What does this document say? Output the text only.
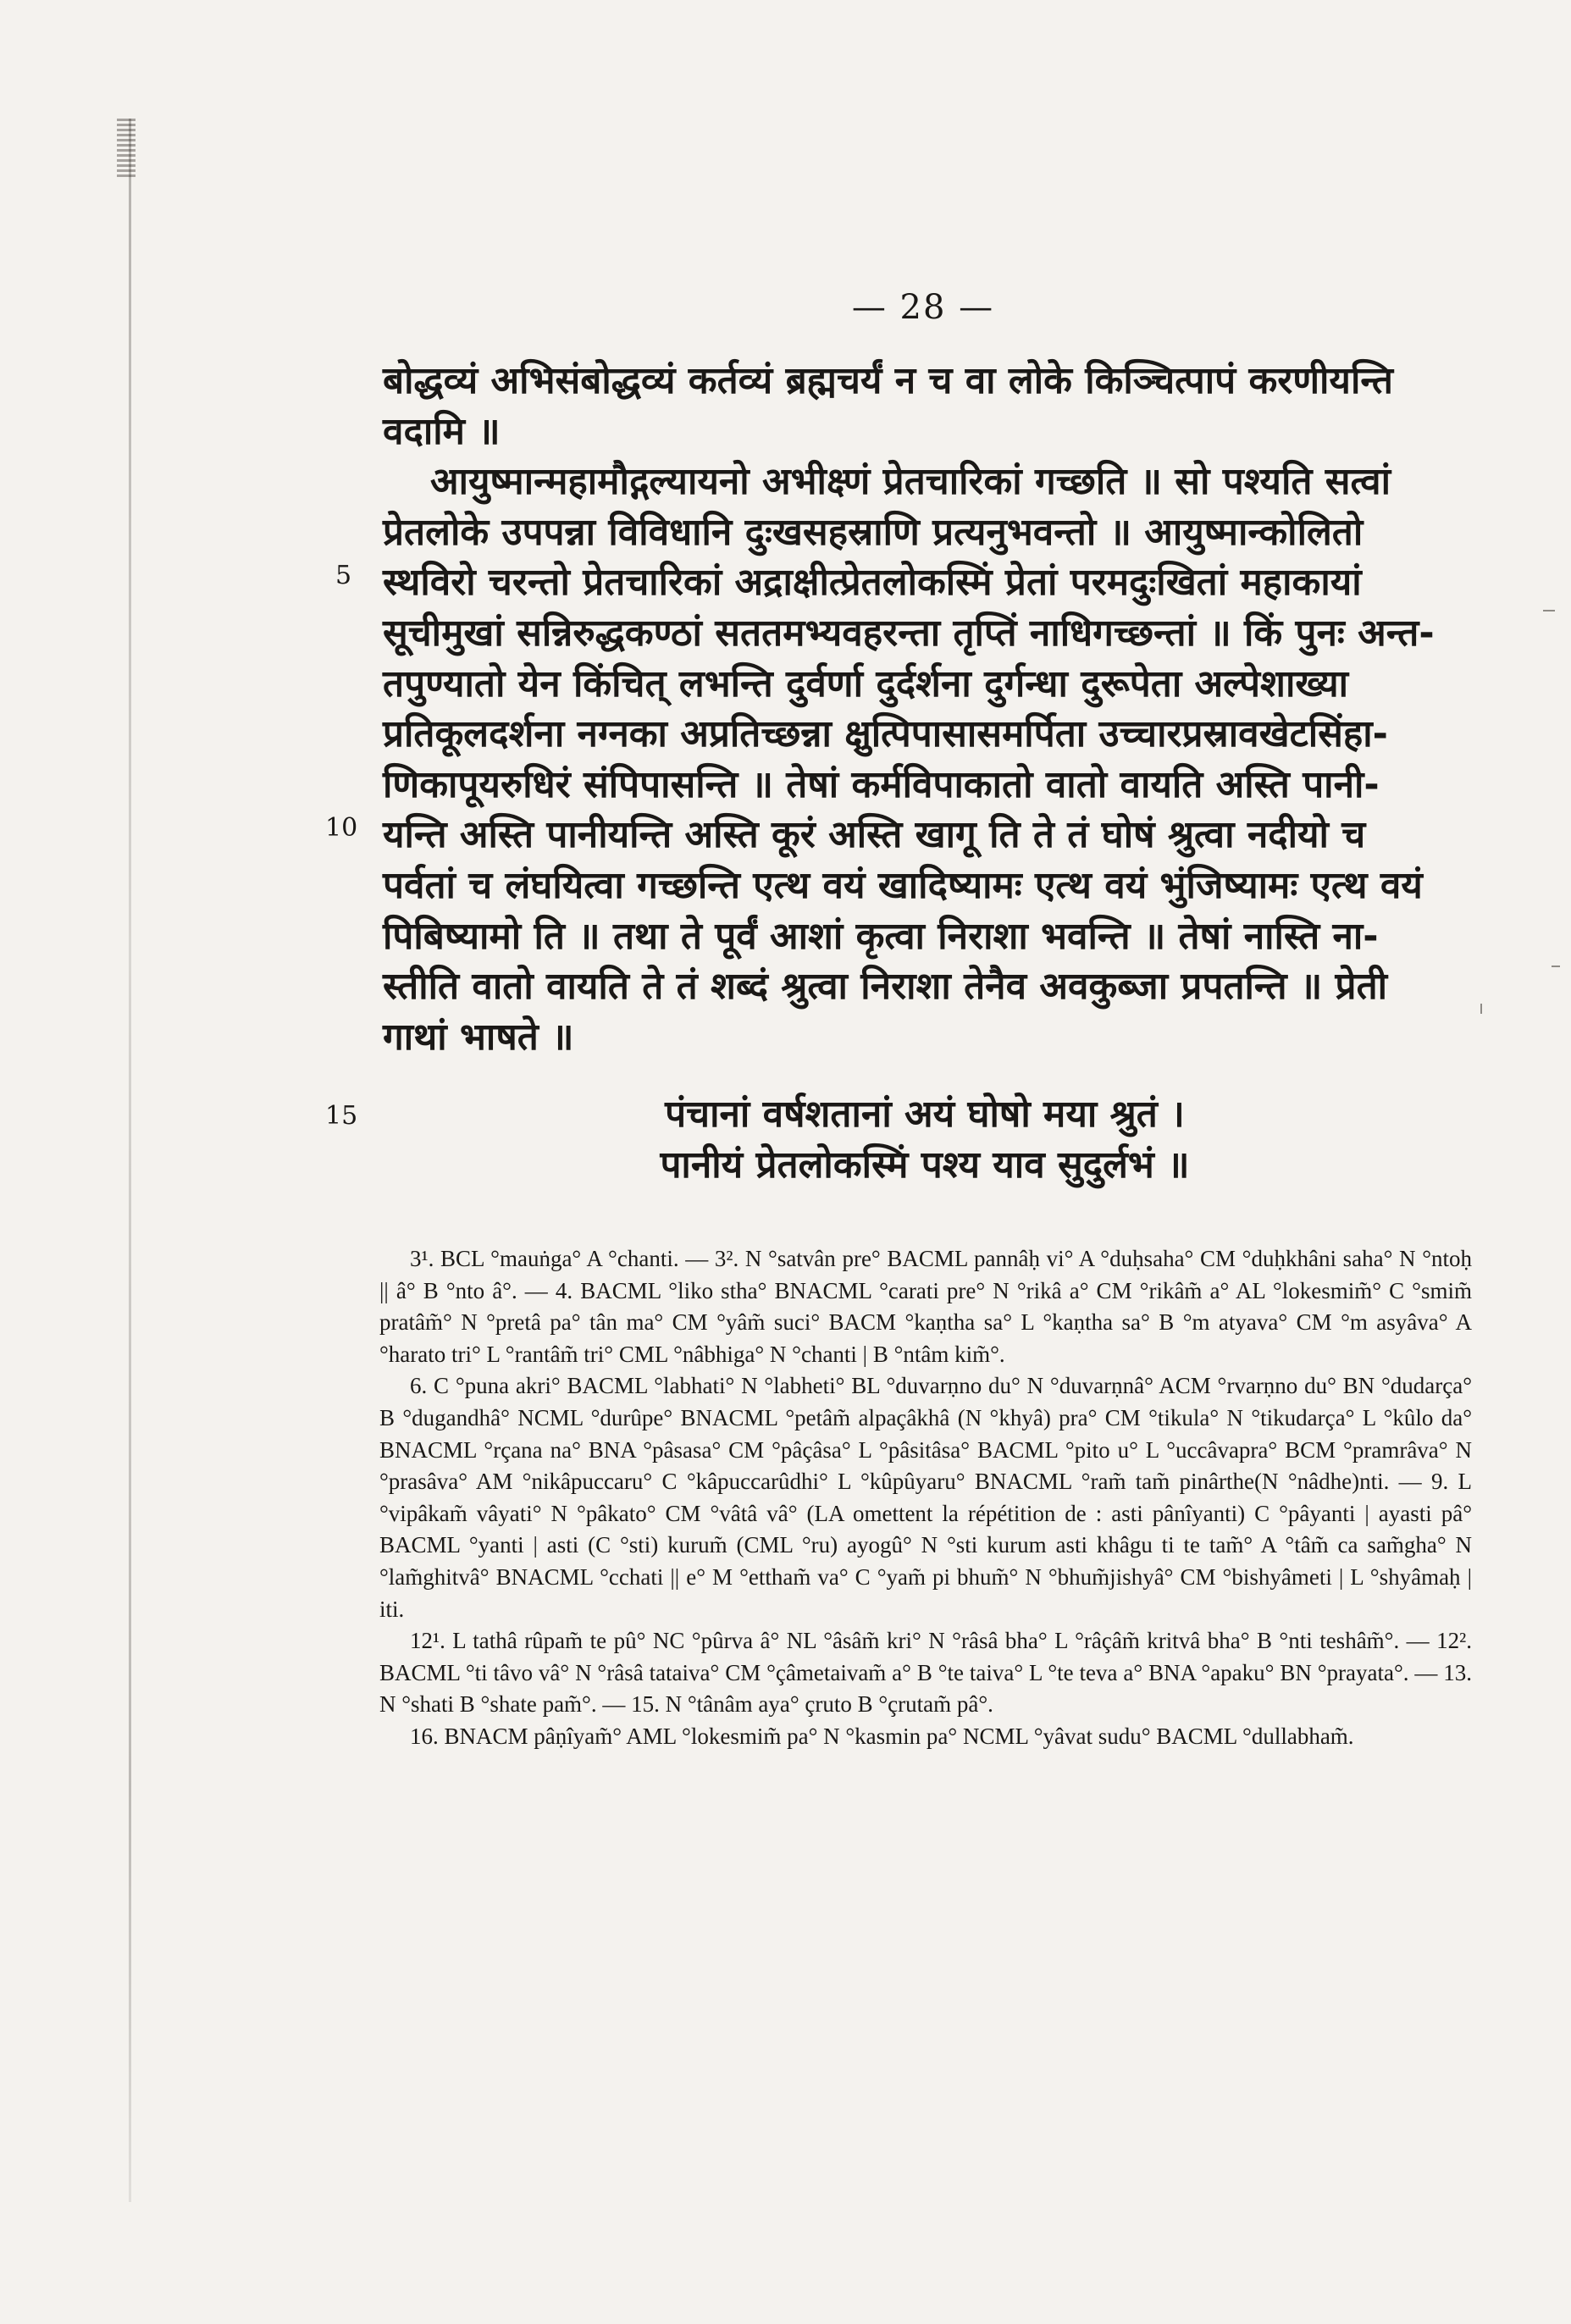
— 28 —

बोद्धव्यं अभिसंबोद्धव्यं कर्तव्यं ब्रह्मचर्यं न च वा लोके किञ्चित्पापं करणीयन्ति

वदामि ॥

आयुष्मान्महामौद्गल्यायनो अभीक्ष्णं प्रेतचारिकां गच्छति ॥ सो पश्यति सत्वां

प्रेतलोके उपपन्ना विविधानि दुःखसहस्राणि प्रत्यनुभवन्तो ॥ आयुष्मान्कोलितो

स्थविरो चरन्तो प्रेतचारिकां अद्राक्षीत्प्रेतलोकस्मिं प्रेतां परमदुःखितां महाकायां

सूचीमुखां सन्निरुद्धकण्ठां सततमभ्यवहरन्ता तृप्तिं नाधिगच्छन्तां ॥ किं पुनः अन्त-

तपुण्यातो येन किंचित् लभन्ति दुर्वर्णा दुर्दर्शना दुर्गन्धा दुरूपेता अल्पेशाख्या

प्रतिकूलदर्शना नग्नका अप्रतिच्छन्ना क्षुत्पिपासासमर्पिता उच्चारप्रस्रावखेटसिंहा-

णिकापूयरुधिरं संपिपासन्ति ॥ तेषां कर्मविपाकातो वातो वायति अस्ति पानी-

यन्ति अस्ति पानीयन्ति अस्ति कूरं अस्ति खागू ति ते तं घोषं श्रुत्वा नदीयो च

पर्वतां च लंघयित्वा गच्छन्ति एत्थ वयं खादिष्यामः एत्थ वयं भुंजिष्यामः एत्थ वयं

पिबिष्यामो ति ॥ तथा ते पूर्वं आशां कृत्वा निराशा भवन्ति ॥ तेषां नास्ति ना-

स्तीति वातो वायति ते तं शब्दं श्रुत्वा निराशा तेनैव अवकुब्जा प्रपतन्ति ॥ प्रेती

गाथां भाषते ॥

5
10
15	पंचानां वर्षशतानां अयं घोषो मया श्रुतं ।
पानीयं प्रेतलोकस्मिं पश्य याव सुदुर्लभं ॥

3¹. BCL °mauṅga° A °chanti. — 3². N °satvân pre° BACML pannâḥ vi° A °duḥsaha° CM °duḥkhâni saha° N °ntoḥ || â° B °nto â°. — 4. BACML °liko stha° BNACML °carati pre° N °rikâ a° CM °rikâm̃ a° AL °lokesmim̃° C °smim̃ pratâm̃° N °pretâ pa° tân ma° CM °yâm̃ suci° BACM °kaṇtha sa° L °kaṇtha sa° B °m atyava° CM °m asyâva° A °harato tri° L °rantâm̃ tri° CML °nâbhiga° N °chanti | B °ntâm kim̃°.

6. C °puna akri° BACML °labhati° N °labheti° BL °duvarṇno du° N °duvarṇnâ° ACM °rvarṇno du° BN °dudarça° B °dugandhâ° NCML °durûpe° BNACML °petâm̃ alpaçâkhâ (N °khyâ) pra° CM °tikula° N °tikudarça° L °kûlo da° BNACML °rçana na° BNA °pâsasa° CM °pâçâsa° L °pâsitâsa° BACML °pito u° L °uccâvapra° BCM °pramrâva° N °prasâva° AM °nikâpuccaru° C °kâpuccarûdhi° L °kûpûyaru° BNACML °ram̃ tam̃ pinârthe(N °nâdhe)nti. — 9. L °vipâkam̃ vâyati° N °pâkato° CM °vâtâ vâ° (LA omettent la répétition de : asti pânîyanti) C °pâyanti | ayasti pâ° BACML °yanti | asti (C °sti) kurum̃ (CML °ru) ayogû° N °sti kurum asti khâgu ti te tam̃° A °tâm̃ ca sam̃gha° N °lam̃ghitvâ° BNACML °cchati || e° M °ettham̃ va° C °yam̃ pi bhum̃° N °bhum̃jishyâ° CM °bishyâmeti | L °shyâmaḥ | iti.

12¹. L tathâ rûpam̃ te pû° NC °pûrva â° NL °âsâm̃ kri° N °râsâ bha° L °râçâm̃ kritvâ bha° B °nti teshâm̃°. — 12². BACML °ti tâvo vâ° N °râsâ tataiva° CM °çâmetaivam̃ a° B °te taiva° L °te teva a° BNA °apaku° BN °prayata°. — 13. N °shati B °shate pam̃°. — 15. N °tânâm aya° çruto B °çrutam̃ pâ°.

16. BNACM pâṇîyam̃° AML °lokesmim̃ pa° N °kasmin pa° NCML °yâvat sudu° BACML °dullabham̃.
